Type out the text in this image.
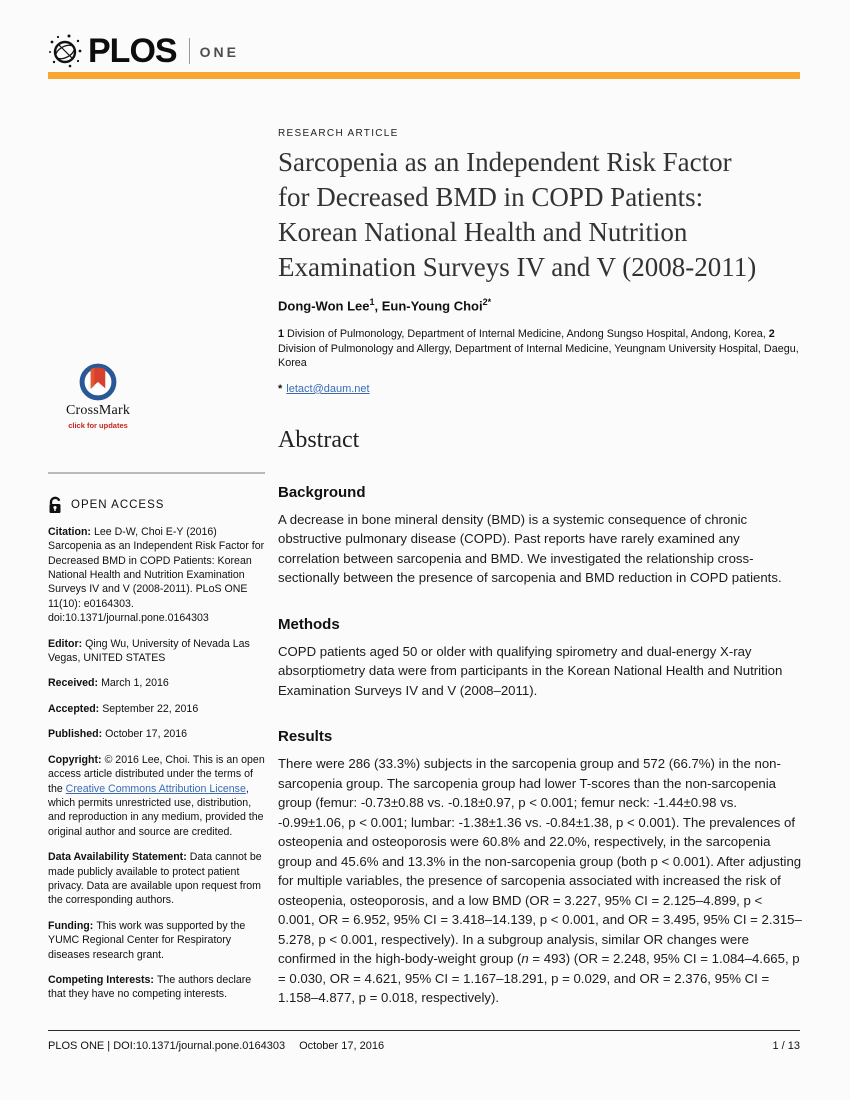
PLOS ONE
CrossMark
click for updates
OPEN ACCESS

Citation: Lee D-W, Choi E-Y (2016) Sarcopenia as an Independent Risk Factor for Decreased BMD in COPD Patients: Korean National Health and Nutrition Examination Surveys IV and V (2008-2011). PLoS ONE 11(10): e0164303. doi:10.1371/journal.pone.0164303

Editor: Qing Wu, University of Nevada Las Vegas, UNITED STATES

Received: March 1, 2016

Accepted: September 22, 2016

Published: October 17, 2016

Copyright: © 2016 Lee, Choi. This is an open access article distributed under the terms of the Creative Commons Attribution License, which permits unrestricted use, distribution, and reproduction in any medium, provided the original author and source are credited.

Data Availability Statement: Data cannot be made publicly available to protect patient privacy. Data are available upon request from the corresponding authors.

Funding: This work was supported by the YUMC Regional Center for Respiratory diseases research grant.

Competing Interests: The authors declare that they have no competing interests.

RESEARCH ARTICLE
Sarcopenia as an Independent Risk Factor
for Decreased BMD in COPD Patients:
Korean National Health and Nutrition
Examination Surveys IV and V (2008-2011)
Dong-Won Lee$^1$, Eun-Young Choi$^{2*}$

1 Division of Pulmonology, Department of Internal Medicine, Andong Sungso Hospital, Andong, Korea, 2 Division of Pulmonology and Allergy, Department of Internal Medicine, Yeungnam University Hospital, Daegu, Korea

* letact@daum.net
Abstract
Background

A decrease in bone mineral density (BMD) is a systemic consequence of chronic obstructive pulmonary disease (COPD). Past reports have rarely examined any correlation between sarcopenia and BMD. We investigated the relationship cross-sectionally between the presence of sarcopenia and BMD reduction in COPD patients.

Methods

COPD patients aged 50 or older with qualifying spirometry and dual-energy X-ray absorptiometry data were from participants in the Korean National Health and Nutrition Examination Surveys IV and V (2008–2011).

Results

There were 286 (33.3%) subjects in the sarcopenia group and 572 (66.7%) in the non-sarcopenia group. The sarcopenia group had lower T-scores than the non-sarcopenia group (femur: -0.73±0.88 vs. -0.18±0.97, p < 0.001; femur neck: -1.44±0.98 vs. -0.99±1.06, p < 0.001; lumbar: -1.38±1.36 vs. -0.84±1.38, p < 0.001). The prevalences of osteopenia and osteoporosis were 60.8% and 22.0%, respectively, in the sarcopenia group and 45.6% and 13.3% in the non-sarcopenia group (both p < 0.001). After adjusting for multiple variables, the presence of sarcopenia associated with increased the risk of osteopenia, osteoporosis, and a low BMD (OR = 3.227, 95% CI = 2.125–4.899, p < 0.001, OR = 6.952, 95% CI = 3.418–14.139, p < 0.001, and OR = 3.495, 95% CI = 2.315–5.278, p < 0.001, respectively). In a subgroup analysis, similar OR changes were confirmed in the high-body-weight group (n = 493) (OR = 2.248, 95% CI = 1.084–4.665, p = 0.030, OR = 4.621, 95% CI = 1.167–18.291, p = 0.029, and OR = 2.376, 95% CI = 1.158–4.877, p = 0.018, respectively).

PLOS ONE | DOI:10.1371/journal.pone.0164303 October 17, 2016	1 / 13
